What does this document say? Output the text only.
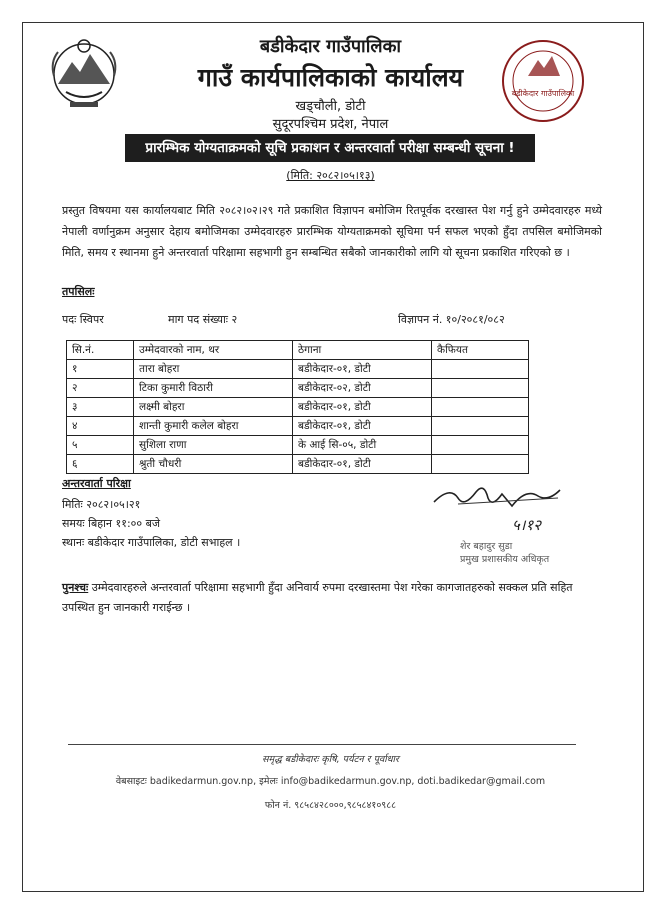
बडीकेदार गाउँपालिका
बडीकेदार गाउँपालिका
गाउँ कार्यपालिकाको कार्यालय
खड्चौली, डोटी
सुदूरपश्चिम प्रदेश, नेपाल
प्रारम्भिक योग्यताक्रमको सूचि प्रकाशन र अन्तरवार्ता परीक्षा सम्बन्धी सूचना !
(मिति: २०८२।०५।१३)
प्रस्तुत विषयमा यस कार्यालयबाट मिति २०८२।०२।२९ गते प्रकाशित विज्ञापन बमोजिम रितपूर्वक दरखास्त पेश गर्नु हुने उम्मेदवारहरु मध्ये नेपाली वर्णानुक्रम अनुसार देहाय बमोजिमका उम्मेदवारहरु प्रारम्भिक योग्यताक्रमको सूचिमा पर्न सफल भएको हुँदा तपसिल बमोजिमको मिति, समय र स्थानमा हुने अन्तरवार्ता परिक्षामा सहभागी हुन सम्बन्धित सबैको जानकारीको लागि यो सूचना प्रकाशित गरिएको छ ।
तपसिलः
पदः स्विपर	माग पद संख्याः २	विज्ञापन नं. १०/२०८१/०८२
सि.नं.	उम्मेदवारको नाम, थर	ठेगाना	कैफियत
१	तारा बोहरा	बडीकेदार-०१, डोटी	
२	टिका कुमारी विठारी	बडीकेदार-०२, डोटी	
३	लक्ष्मी बोहरा	बडीकेदार-०१, डोटी	
४	शान्ती कुमारी कलेल बोहरा	बडीकेदार-०१, डोटी	
५	सुशिला राणा	के आई सि-०५, डोटी	
६	श्रुती चौधरी	बडीकेदार-०१, डोटी	
अन्तरवार्ता परिक्षा
मितिः २०८२।०५।२१
समयः बिहान ११:०० बजे
स्थानः बडीकेदार गाउँपालिका, डोटी सभाहल ।
५।१२
शेर बहादुर सुडा
प्रमुख प्रशासकीय अधिकृत
पुनश्चः उम्मेदवारहरुले अन्तरवार्ता परिक्षामा सहभागी हुँदा अनिवार्य रुपमा दरखास्तमा पेश गरेका कागजातहरुको सक्कल प्रति सहित उपस्थित हुन जानकारी गराईन्छ ।
समृद्ध बडीकेदारः कृषि, पर्यटन र पूर्वाधार
वेबसाइटः badikedarmun.gov.np, इमेलः info@badikedarmun.gov.np, doti.badikedar@gmail.com
फोन नं. ९८५८४२८०००,९८५८४१०९८८
